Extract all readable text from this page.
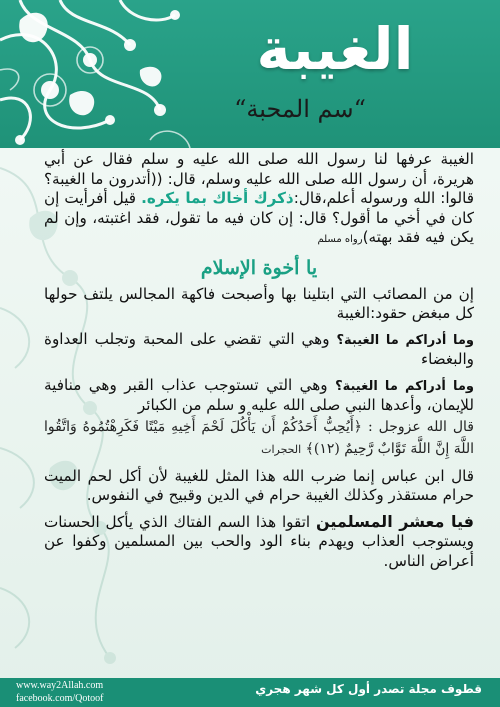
الغيبة
“سم المحبة“

الغيبة عرفها لنا رسول الله صلى الله عليه و سلم فقال عن أبي هريرة، أن رسول الله صلى الله عليه وسلم، قال: ((أتدرون ما الغيبة؟ قالوا: الله ورسوله أعلم،قال:ذكرك أخاك بما يكره. قيل أفرأيت إن كان في أخي ما أقول؟ قال: إن كان فيه ما تقول، فقد اغتبته، وإن لم يكن فيه فقد بهته)رواه مسلم

يا أخوة الإسلام

إن من المصائب التي ابتلينا بها وأصبحت فاكهة المجالس يلتف حولها كل مبغض حقود:الغيبة

وما أدراكم ما الغيبة؟ وهي التي تقضي على المحبة وتجلب العداوة والبغضاء

وما أدراكم ما الغيبة؟ وهي التي تستوجب عذاب القبر وهي منافية للإيمان، وأعدها النبي صلى الله عليه و سلم من الكبائر

قال الله عزوجل : ﴿أَيُحِبُّ أَحَدُكُمْ أَن يَأْكُلَ لَحْمَ أَخِيهِ مَيْتًا فَكَرِهْتُمُوهُ وَاتَّقُوا اللَّهَ إِنَّ اللَّهَ تَوَّابٌ رَّحِيمٌ (١٢)﴾ الحجرات

قال ابن عباس إنما ضرب الله هذا المثل للغيبة لأن أكل لحم الميت حرام مستقذر وكذلك الغيبة حرام في الدين وقبيح في النفوس.

فيا معشر المسلمين اتقوا هذا السم الفتاك الذي يأكل الحسنات ويستوجب العذاب ويهدم بناء الود والحب بين المسلمين وكفوا عن أعراض الناس.

www.way2Allah.com
facebook.com/Qotoof
قطوف مجلة تصدر أول كل شهر هجري
